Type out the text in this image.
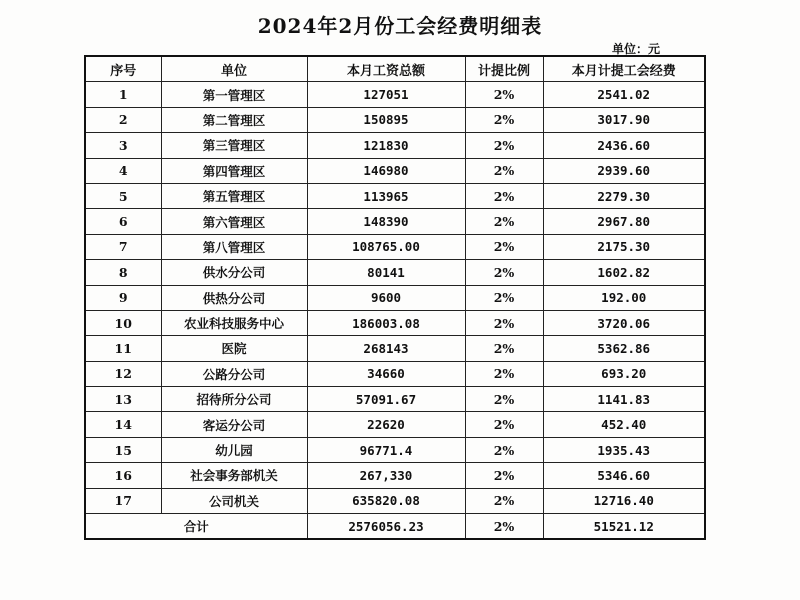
2024年2月份工会经费明细表
单位：元
序号	单位	本月工资总额	计提比例	本月计提工会经费
1	第一管理区	127051	2%	2541.02
2	第二管理区	150895	2%	3017.90
3	第三管理区	121830	2%	2436.60
4	第四管理区	146980	2%	2939.60
5	第五管理区	113965	2%	2279.30
6	第六管理区	148390	2%	2967.80
7	第八管理区	108765.00	2%	2175.30
8	供水分公司	80141	2%	1602.82
9	供热分公司	9600	2%	192.00
10	农业科技服务中心	186003.08	2%	3720.06
11	医院	268143	2%	5362.86
12	公路分公司	34660	2%	693.20
13	招待所分公司	57091.67	2%	1141.83
14	客运分公司	22620	2%	452.40
15	幼儿园	96771.4	2%	1935.43
16	社会事务部机关	267,330	2%	5346.60
17	公司机关	635820.08	2%	12716.40
合计		2576056.23	2%	51521.12
